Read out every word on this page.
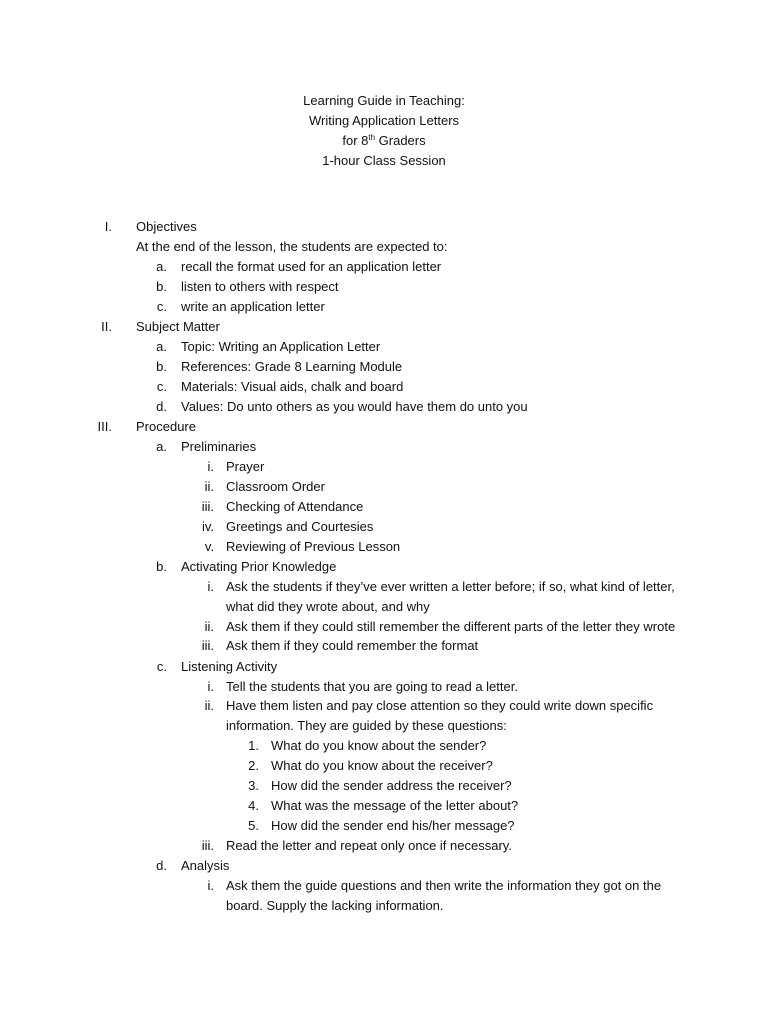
Learning Guide in Teaching:
Writing Application Letters
for 8th Graders
1-hour Class Session
I. Objectives
At the end of the lesson, the students are expected to:
a. recall the format used for an application letter
b. listen to others with respect
c. write an application letter
II. Subject Matter
a. Topic: Writing an Application Letter
b. References: Grade 8 Learning Module
c. Materials: Visual aids, chalk and board
d. Values: Do unto others as you would have them do unto you
III. Procedure
a. Preliminaries
i. Prayer
ii. Classroom Order
iii. Checking of Attendance
iv. Greetings and Courtesies
v. Reviewing of Previous Lesson
b. Activating Prior Knowledge
i. Ask the students if they’ve ever written a letter before; if so, what kind of letter,
what did they wrote about, and why
ii. Ask them if they could still remember the different parts of the letter they wrote
iii. Ask them if they could remember the format
c. Listening Activity
i. Tell the students that you are going to read a letter.
ii. Have them listen and pay close attention so they could write down specific
information. They are guided by these questions:
1. What do you know about the sender?
2. What do you know about the receiver?
3. How did the sender address the receiver?
4. What was the message of the letter about?
5. How did the sender end his/her message?
iii. Read the letter and repeat only once if necessary.
d. Analysis
i. Ask them the guide questions and then write the information they got on the
board. Supply the lacking information.
